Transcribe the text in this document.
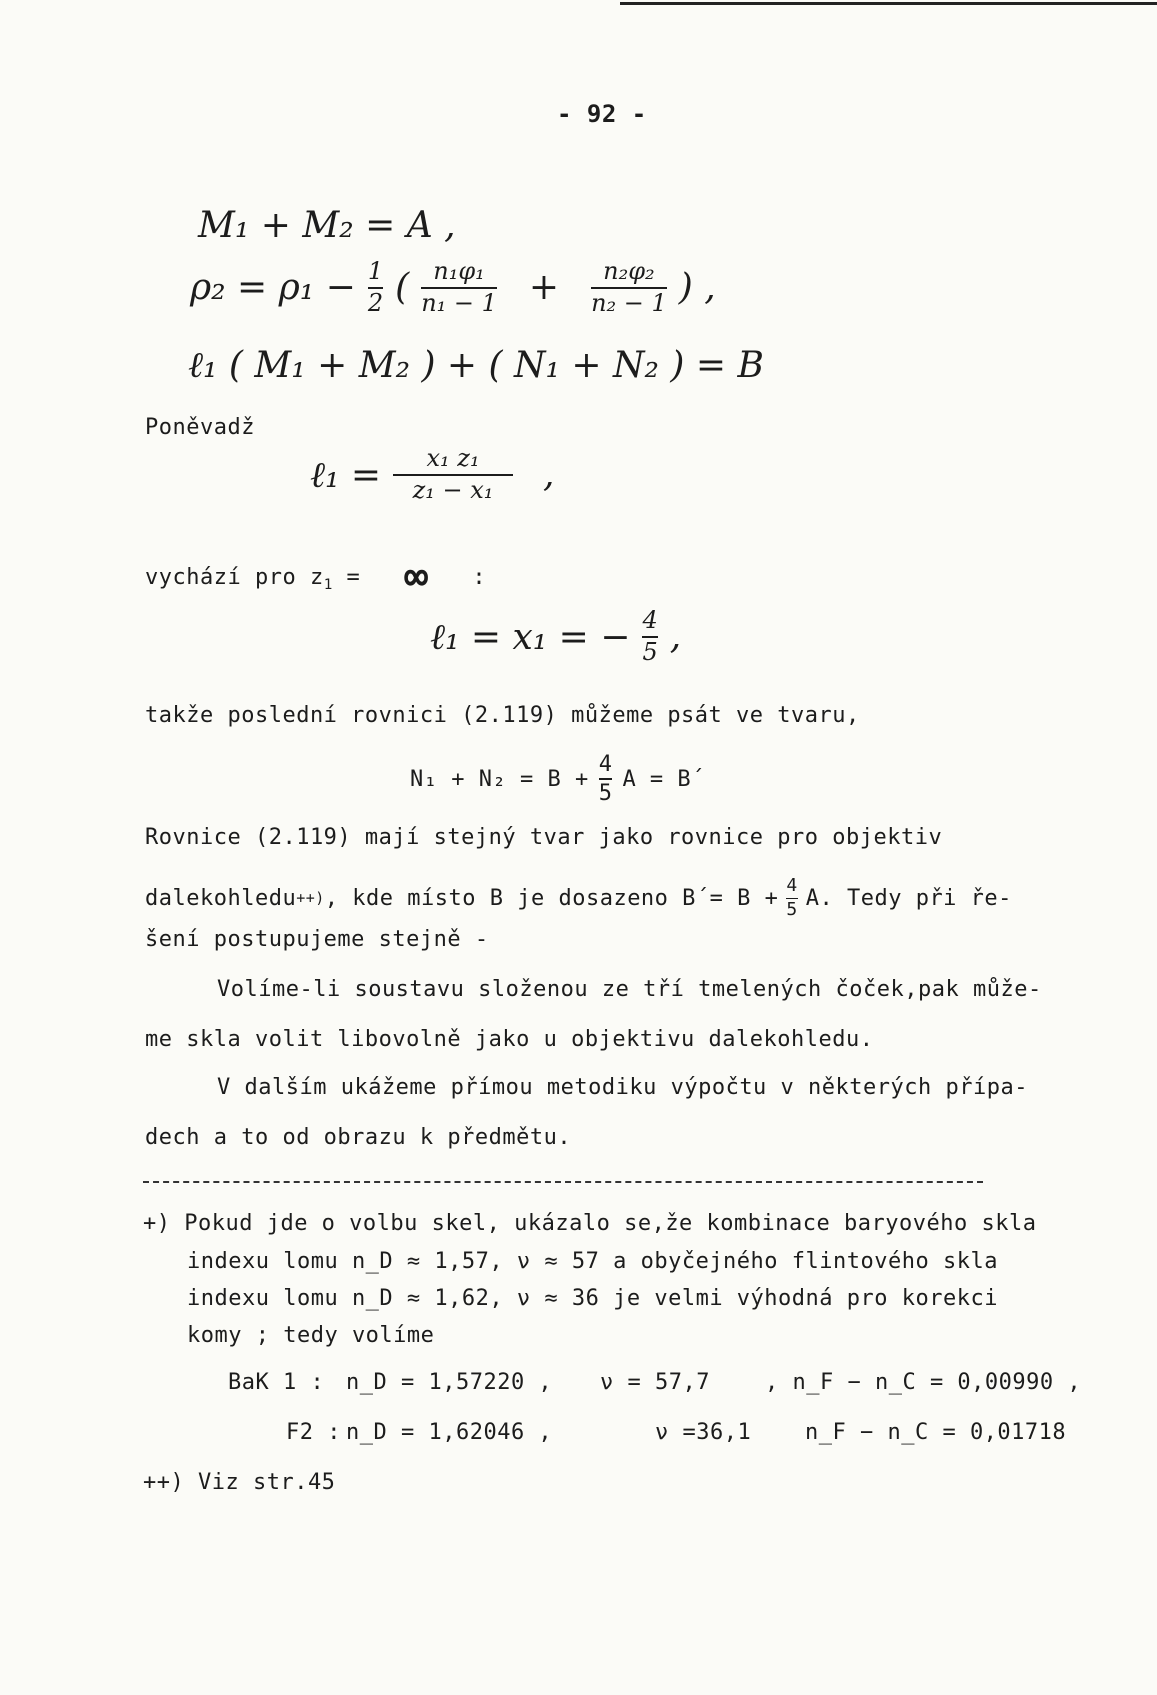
- 92 -
M₁ + M₂ = A ,
$\rho_2 = \rho_1 - \frac{1}{2}$ ( $\frac{\text{n₁φ₁}}{\text{n₁ − 1}} + \frac{\text{n₂φ₂}}{\text{n₂ − 1}}$ ) ,
ℓ₁ ( M₁ + M₂ ) + ( N₁ + N₂ ) = B
Poněvadž
ℓ₁ = $\frac{\text{x₁ z₁}}{\text{z₁ − x₁}}$ ,
vychází pro $z_1$ = ∞ :
ℓ₁ = x₁ = − $\frac{4}{5}$ ,
takže poslední rovnici (2.119) můžeme psát ve tvaru,
$N_1 + N_2 = B + \frac{4}{5}$ A = B´
Rovnice (2.119) mají stejný tvar jako rovnice pro objektiv
dalekohledu ++) , kde místo B je dosazeno B´= $B + \frac{4}{5} A$. Tedy při ře-
šení postupujeme stejně -
Volíme-li soustavu složenou ze tří tmelených čoček,pak může-
me skla volit libovolně jako u objektivu dalekohledu.
V dalším ukážeme přímou metodiku výpočtu v některých přípa-
dech a to od obrazu k předmětu.
+) Pokud jde o volbu skel, ukázalo se,že kombinace baryového skla
indexu lomu n_D ≈ 1,57, ν ≈ 57 a obyčejného flintového skla
indexu lomu n_D ≈ 1,62, ν ≈ 36 je velmi výhodná pro korekci
komy ; tedy volíme
BaK 1 : n_D = 1,57220 , ν = 57,7	, n_F − n_C = 0,00990 ,
F2 : n_D = 1,62046 ,	ν =36,1 n_F − n_C = 0,01718
++) Viz str.45
